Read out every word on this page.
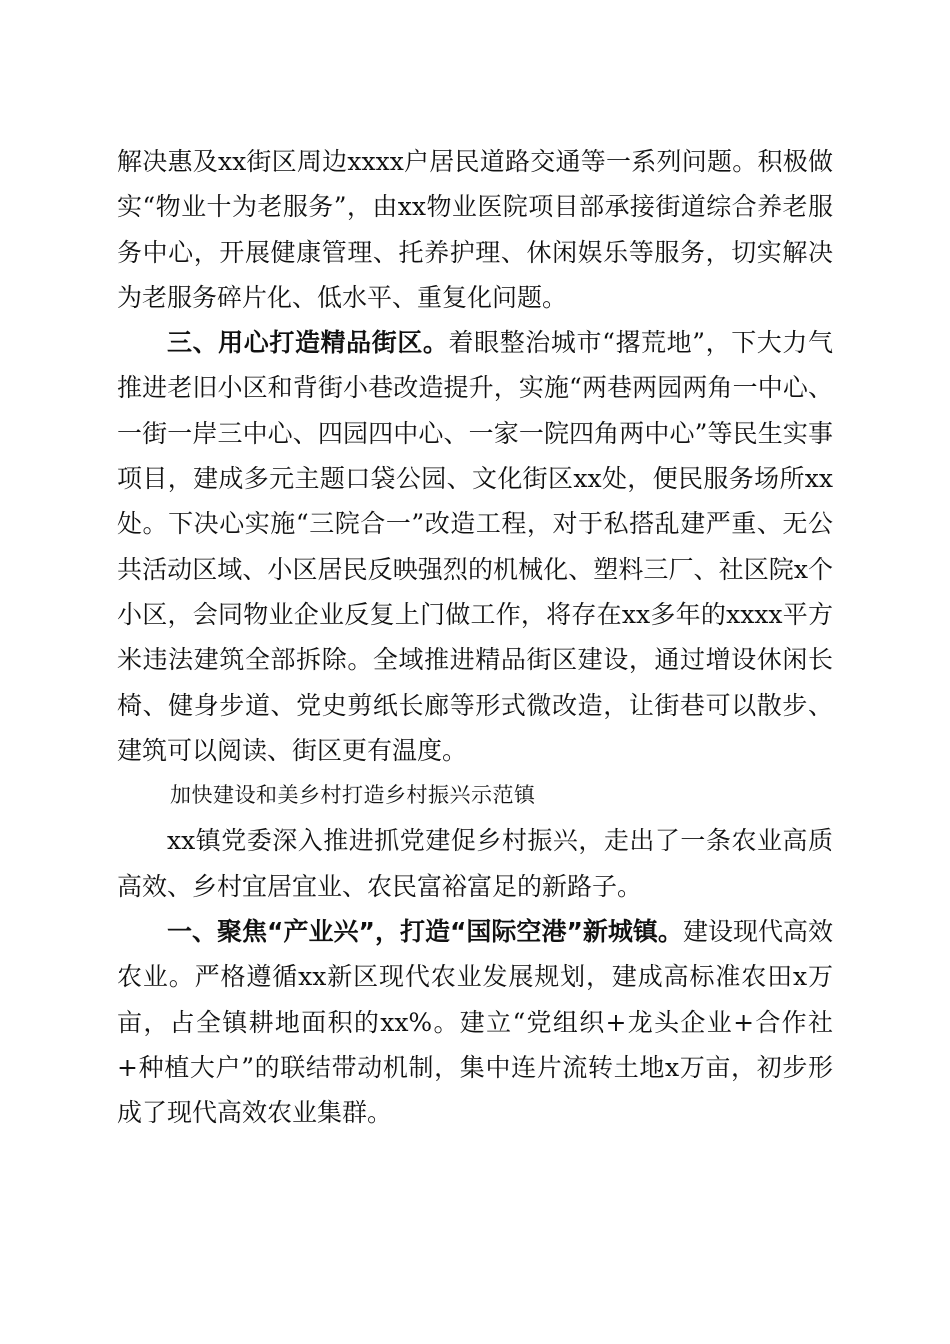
解决惠及xx街区周边xxxx户居民道路交通等一系列问题。积极做实“物业十为老服务”，由xx物业医院项目部承接街道综合养老服务中心，开展健康管理、托养护理、休闲娱乐等服务，切实解决为老服务碎片化、低水平、重复化问题。

三、用心打造精品街区。着眼整治城市“撂荒地”，下大力气推进老旧小区和背街小巷改造提升，实施“两巷两园两角一中心、一街一岸三中心、四园四中心、一家一院四角两中心”等民生实事项目，建成多元主题口袋公园、文化街区xx处，便民服务场所xx处。下决心实施“三院合一”改造工程，对于私搭乱建严重、无公共活动区域、小区居民反映强烈的机械化、塑料三厂、社区院x个小区，会同物业企业反复上门做工作，将存在xx多年的xxxx平方米违法建筑全部拆除。全域推进精品街区建设，通过增设休闲长椅、健身步道、党史剪纸长廊等形式微改造，让街巷可以散步、建筑可以阅读、街区更有温度。

加快建设和美乡村打造乡村振兴示范镇

xx镇党委深入推进抓党建促乡村振兴，走出了一条农业高质高效、乡村宜居宜业、农民富裕富足的新路子。

一、聚焦“产业兴”，打造“国际空港”新城镇。建设现代高效农业。严格遵循xx新区现代农业发展规划，建成高标准农田x万亩，占全镇耕地面积的xx%。建立“党组织+龙头企业+合作社+种植大户”的联结带动机制，集中连片流转土地x万亩，初步形成了现代高效农业集群。
